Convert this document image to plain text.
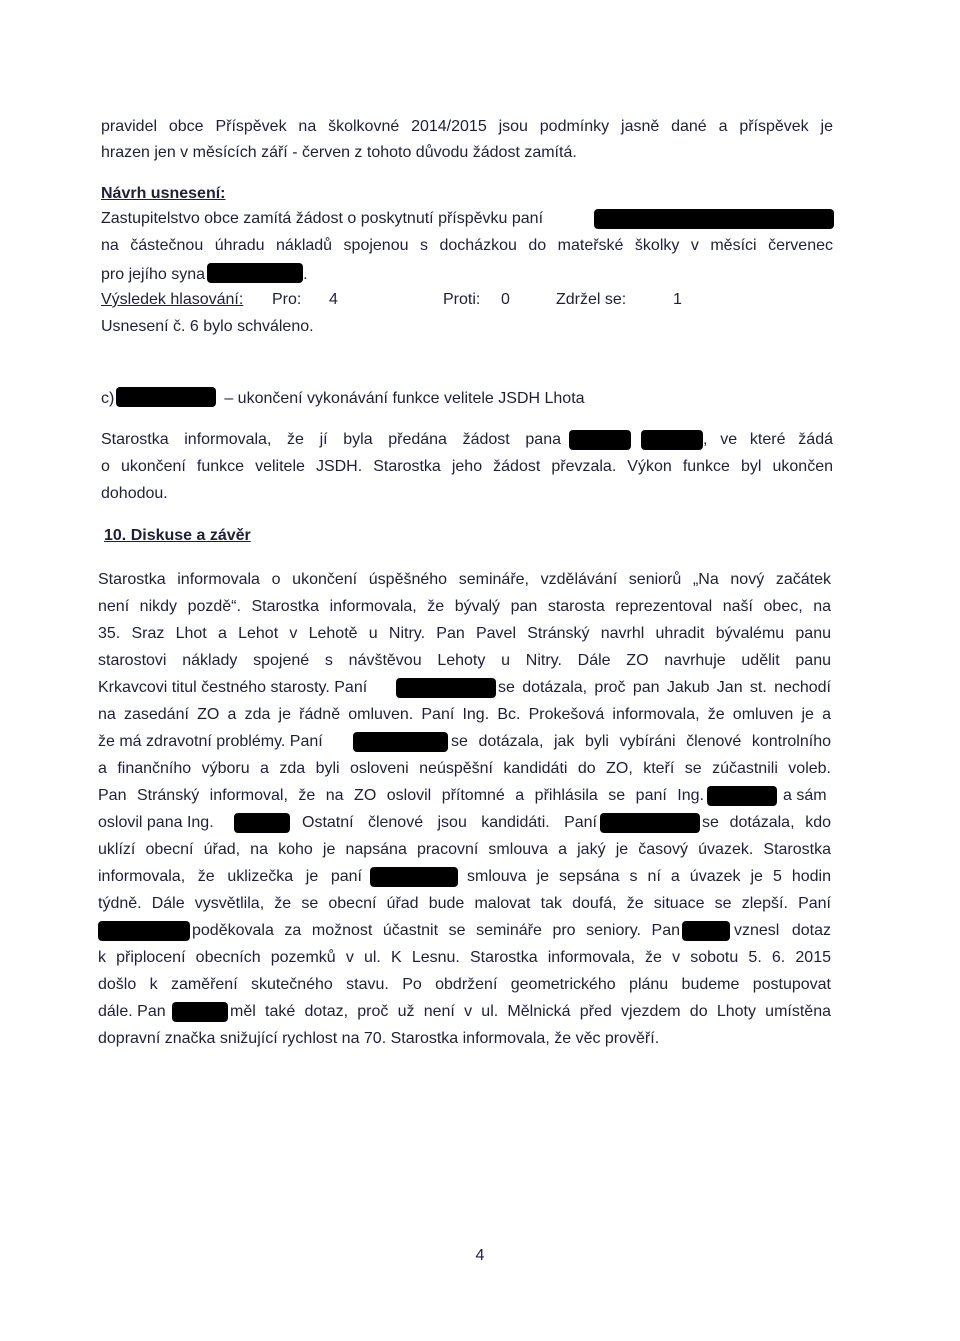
pravidel obce Příspěvek na školkovné 2014/2015 jsou podmínky jasně dané a příspěvek je
hrazen jen v měsících září - červen z tohoto důvodu žádost zamítá.
Návrh usnesení:
Zastupitelstvo obce zamítá žádost o poskytnutí příspěvku paní
na částečnou úhradu nákladů spojenou s docházkou do mateřské školky v měsíci červenec
pro jejího syna	.
Výsledek hlasování: Pro: 4	Proti: 0	Zdržel se:	1
Usnesení č. 6 bylo schváleno.
c)	– ukončení vykonávání funkce velitele JSDH Lhota
Starostka informovala, že jí byla předána žádost pana	, ve které žádá
o ukončení funkce velitele JSDH. Starostka jeho žádost převzala. Výkon funkce byl ukončen
dohodou.
10. Diskuse a závěr
Starostka informovala o ukončení úspěšného semináře, vzdělávání seniorů „Na nový začátek
není nikdy pozdě“. Starostka informovala, že bývalý pan starosta reprezentoval naší obec, na
35. Sraz Lhot a Lehot v Lehotě u Nitry. Pan Pavel Stránský navrhl uhradit bývalému panu
starostovi náklady spojené s návštěvou Lehoty u Nitry. Dále ZO navrhuje udělit panu
Krkavcovi titul čestného starosty. Paní	se dotázala, proč pan Jakub Jan st. nechodí
na zasedání ZO a zda je řádně omluven. Paní Ing. Bc. Prokešová informovala, že omluven je a
že má zdravotní problémy. Paní	se dotázala, jak byli vybíráni členové kontrolního
a finančního výboru a zda byli osloveni neúspěšní kandidáti do ZO, kteří se zúčastnili voleb.
Pan Stránský informoval, že na ZO oslovil přítomné a přihlásila se paní Ing.	a sám
oslovil pana Ing.	Ostatní členové jsou kandidáti. Paní	se dotázala, kdo
uklízí obecní úřad, na koho je napsána pracovní smlouva a jaký je časový úvazek. Starostka
informovala, že uklizečka je paní	smlouva je sepsána s ní a úvazek je 5 hodin
týdně. Dále vysvětlila, že se obecní úřad bude malovat tak doufá, že situace se zlepší. Paní
poděkovala za možnost účastnit se semináře pro seniory. Pan	vznesl dotaz
k připlocení obecních pozemků v ul. K Lesnu. Starostka informovala, že v sobotu 5. 6. 2015
došlo k zaměření skutečného stavu. Po obdržení geometrického plánu budeme postupovat
dále. Pan	měl také dotaz, proč už není v ul. Mělnická před vjezdem do Lhoty umístěna
dopravní značka snižující rychlost na 70. Starostka informovala, že věc prověří.
4
